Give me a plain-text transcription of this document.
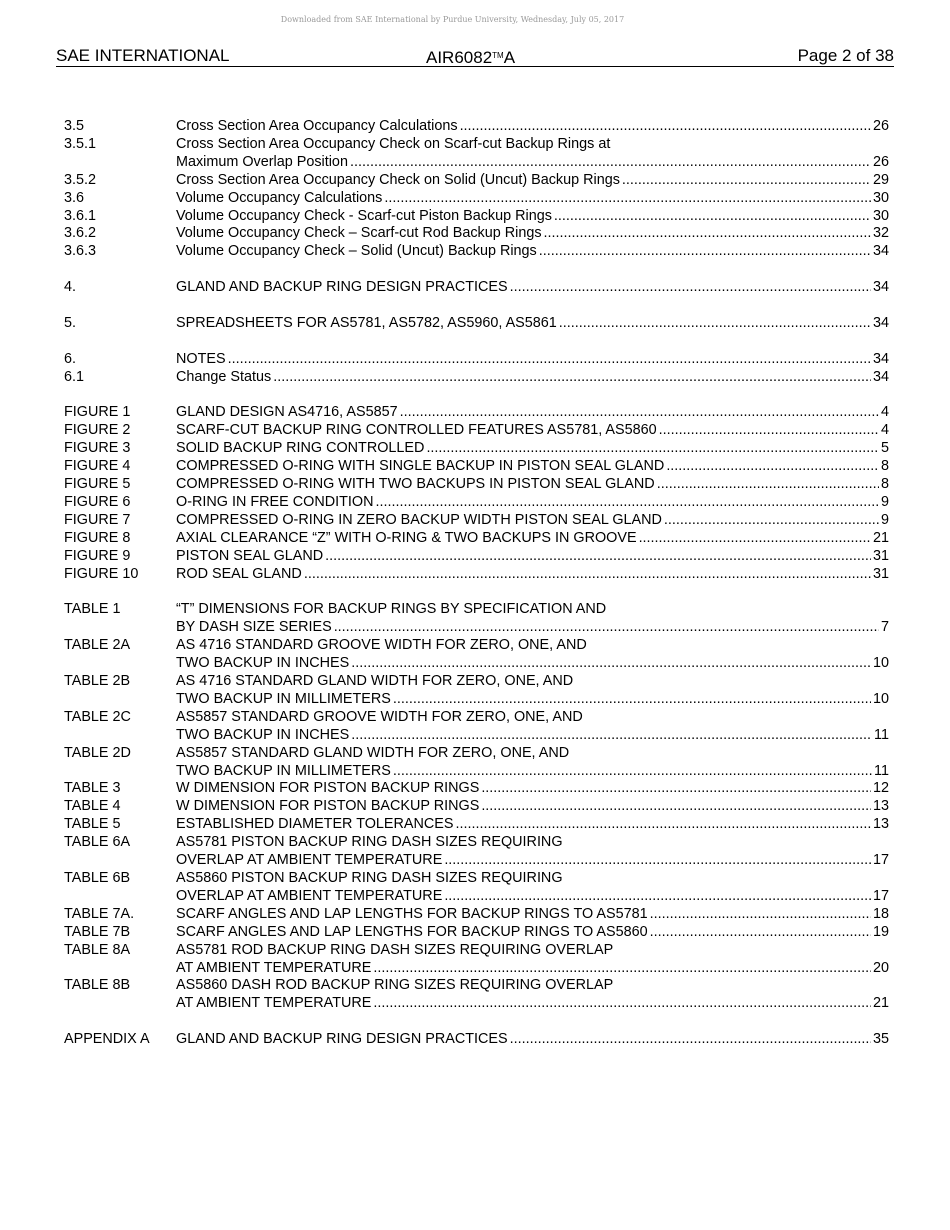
Downloaded from SAE International by Purdue University, Wednesday, July 05, 2017
SAE INTERNATIONAL	AIR6082™A	Page 2 of 38
3.5	Cross Section Area Occupancy Calculations .....	26
3.5.1	Cross Section Area Occupancy Check on Scarf-cut Backup Rings at
Maximum Overlap Position .....	26
3.5.2	Cross Section Area Occupancy Check on Solid (Uncut) Backup Rings .....	29
3.6	Volume Occupancy Calculations .....	30
3.6.1	Volume Occupancy Check - Scarf-cut Piston Backup Rings .....	30
3.6.2	Volume Occupancy Check – Scarf-cut Rod Backup Rings .....	32
3.6.3	Volume Occupancy Check – Solid (Uncut) Backup Rings .....	34
4.	GLAND AND BACKUP RING DESIGN PRACTICES .....	34
5.	SPREADSHEETS FOR AS5781, AS5782, AS5960, AS5861 .....	34
6.	NOTES .....	34
6.1	Change Status .....	34
FIGURE 1	GLAND DESIGN AS4716, AS5857 .....	4
FIGURE 2	SCARF-CUT BACKUP RING CONTROLLED FEATURES AS5781, AS5860 .....	4
FIGURE 3	SOLID BACKUP RING CONTROLLED .....	5
FIGURE 4	COMPRESSED O-RING WITH SINGLE BACKUP IN PISTON SEAL GLAND .....	8
FIGURE 5	COMPRESSED O-RING WITH TWO BACKUPS IN PISTON SEAL GLAND .....	8
FIGURE 6	O-RING IN FREE CONDITION .....	9
FIGURE 7	COMPRESSED O-RING IN ZERO BACKUP WIDTH PISTON SEAL GLAND .....	9
FIGURE 8	AXIAL CLEARANCE “Z” WITH O-RING & TWO BACKUPS IN GROOVE .....	21
FIGURE 9	PISTON SEAL GLAND .....	31
FIGURE 10	ROD SEAL GLAND .....	31
TABLE 1	“T” DIMENSIONS FOR BACKUP RINGS BY SPECIFICATION AND
BY DASH SIZE SERIES .....	7
TABLE 2A	AS 4716 STANDARD GROOVE WIDTH FOR ZERO, ONE, AND
TWO BACKUP IN INCHES .....	10
TABLE 2B	AS 4716 STANDARD GLAND WIDTH FOR ZERO, ONE, AND
TWO BACKUP IN MILLIMETERS .....	10
TABLE 2C	AS5857 STANDARD GROOVE WIDTH FOR ZERO, ONE, AND
TWO BACKUP IN INCHES .....	11
TABLE 2D	AS5857 STANDARD GLAND WIDTH FOR ZERO, ONE, AND
TWO BACKUP IN MILLIMETERS .....	11
TABLE 3	W DIMENSION FOR PISTON BACKUP RINGS .....	12
TABLE 4	W DIMENSION FOR PISTON BACKUP RINGS .....	13
TABLE 5	ESTABLISHED DIAMETER TOLERANCES .....	13
TABLE 6A	AS5781 PISTON BACKUP RING DASH SIZES REQUIRING
OVERLAP AT AMBIENT TEMPERATURE .....	17
TABLE 6B	AS5860 PISTON BACKUP RING DASH SIZES REQUIRING
OVERLAP AT AMBIENT TEMPERATURE .....	17
TABLE 7A.	SCARF ANGLES AND LAP LENGTHS FOR BACKUP RINGS TO AS5781 .....	18
TABLE 7B	SCARF ANGLES AND LAP LENGTHS FOR BACKUP RINGS TO AS5860 .....	19
TABLE 8A	AS5781 ROD BACKUP RING DASH SIZES REQUIRING OVERLAP
AT AMBIENT TEMPERATURE .....	20
TABLE 8B	AS5860 DASH ROD BACKUP RING SIZES REQUIRING OVERLAP
AT AMBIENT TEMPERATURE .....	21
APPENDIX A	GLAND AND BACKUP RING DESIGN PRACTICES .....	35
